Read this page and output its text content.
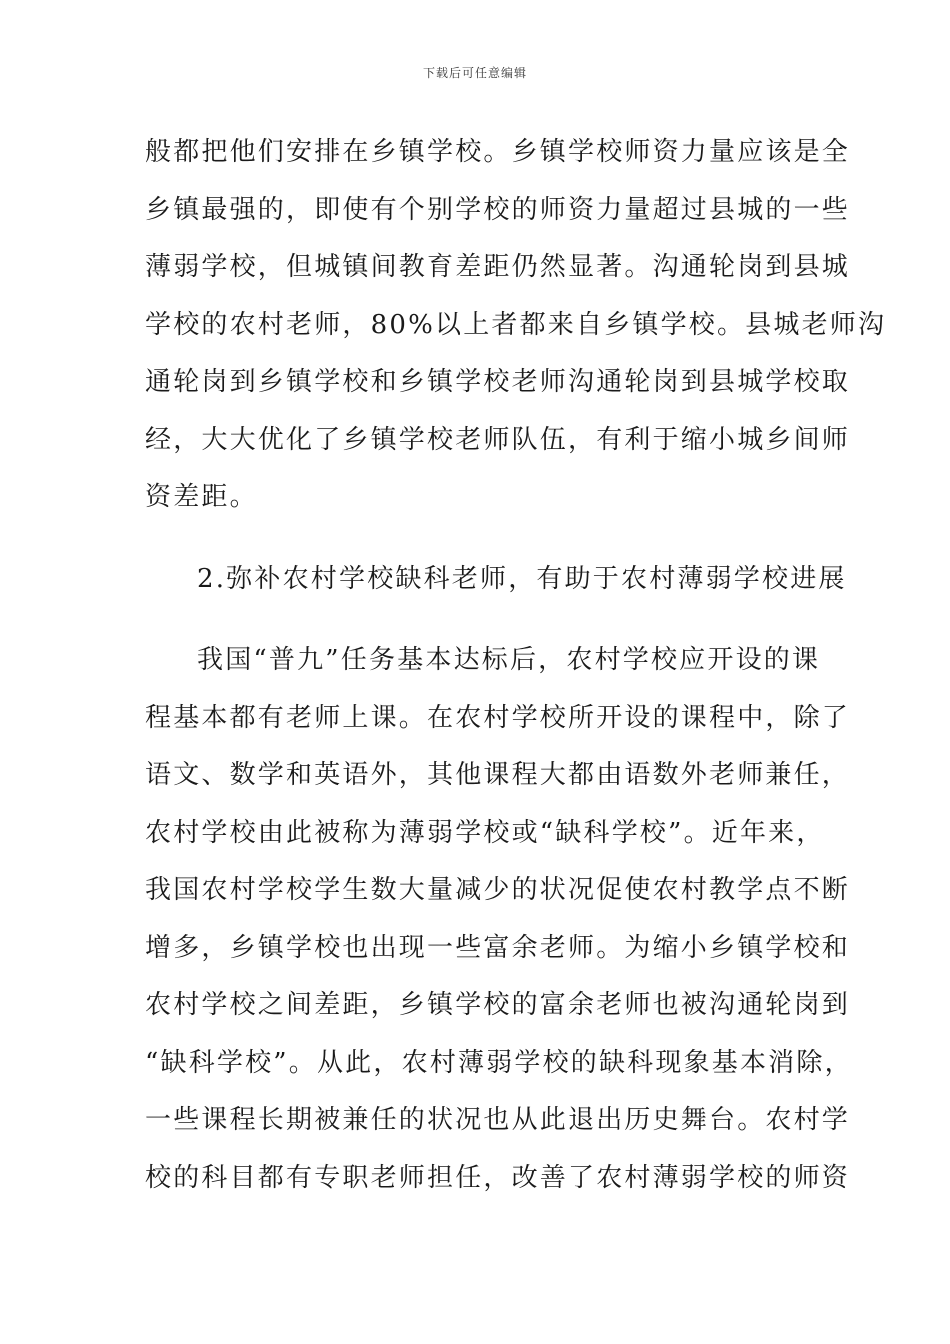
下载后可任意编辑
般都把他们安排在乡镇学校。乡镇学校师资力量应该是全
乡镇最强的，即使有个别学校的师资力量超过县城的一些
薄弱学校，但城镇间教育差距仍然显著。沟通轮岗到县城
学校的农村老师，80%以上者都来自乡镇学校。县城老师沟
通轮岗到乡镇学校和乡镇学校老师沟通轮岗到县城学校取
经，大大优化了乡镇学校老师队伍，有利于缩小城乡间师
资差距。
2.弥补农村学校缺科老师，有助于农村薄弱学校进展
我国“普九”任务基本达标后，农村学校应开设的课
程基本都有老师上课。在农村学校所开设的课程中，除了
语文、数学和英语外，其他课程大都由语数外老师兼任，
农村学校由此被称为薄弱学校或“缺科学校”。近年来，
我国农村学校学生数大量减少的状况促使农村教学点不断
增多，乡镇学校也出现一些富余老师。为缩小乡镇学校和
农村学校之间差距，乡镇学校的富余老师也被沟通轮岗到
“缺科学校”。从此，农村薄弱学校的缺科现象基本消除，
一些课程长期被兼任的状况也从此退出历史舞台。农村学
校的科目都有专职老师担任，改善了农村薄弱学校的师资
